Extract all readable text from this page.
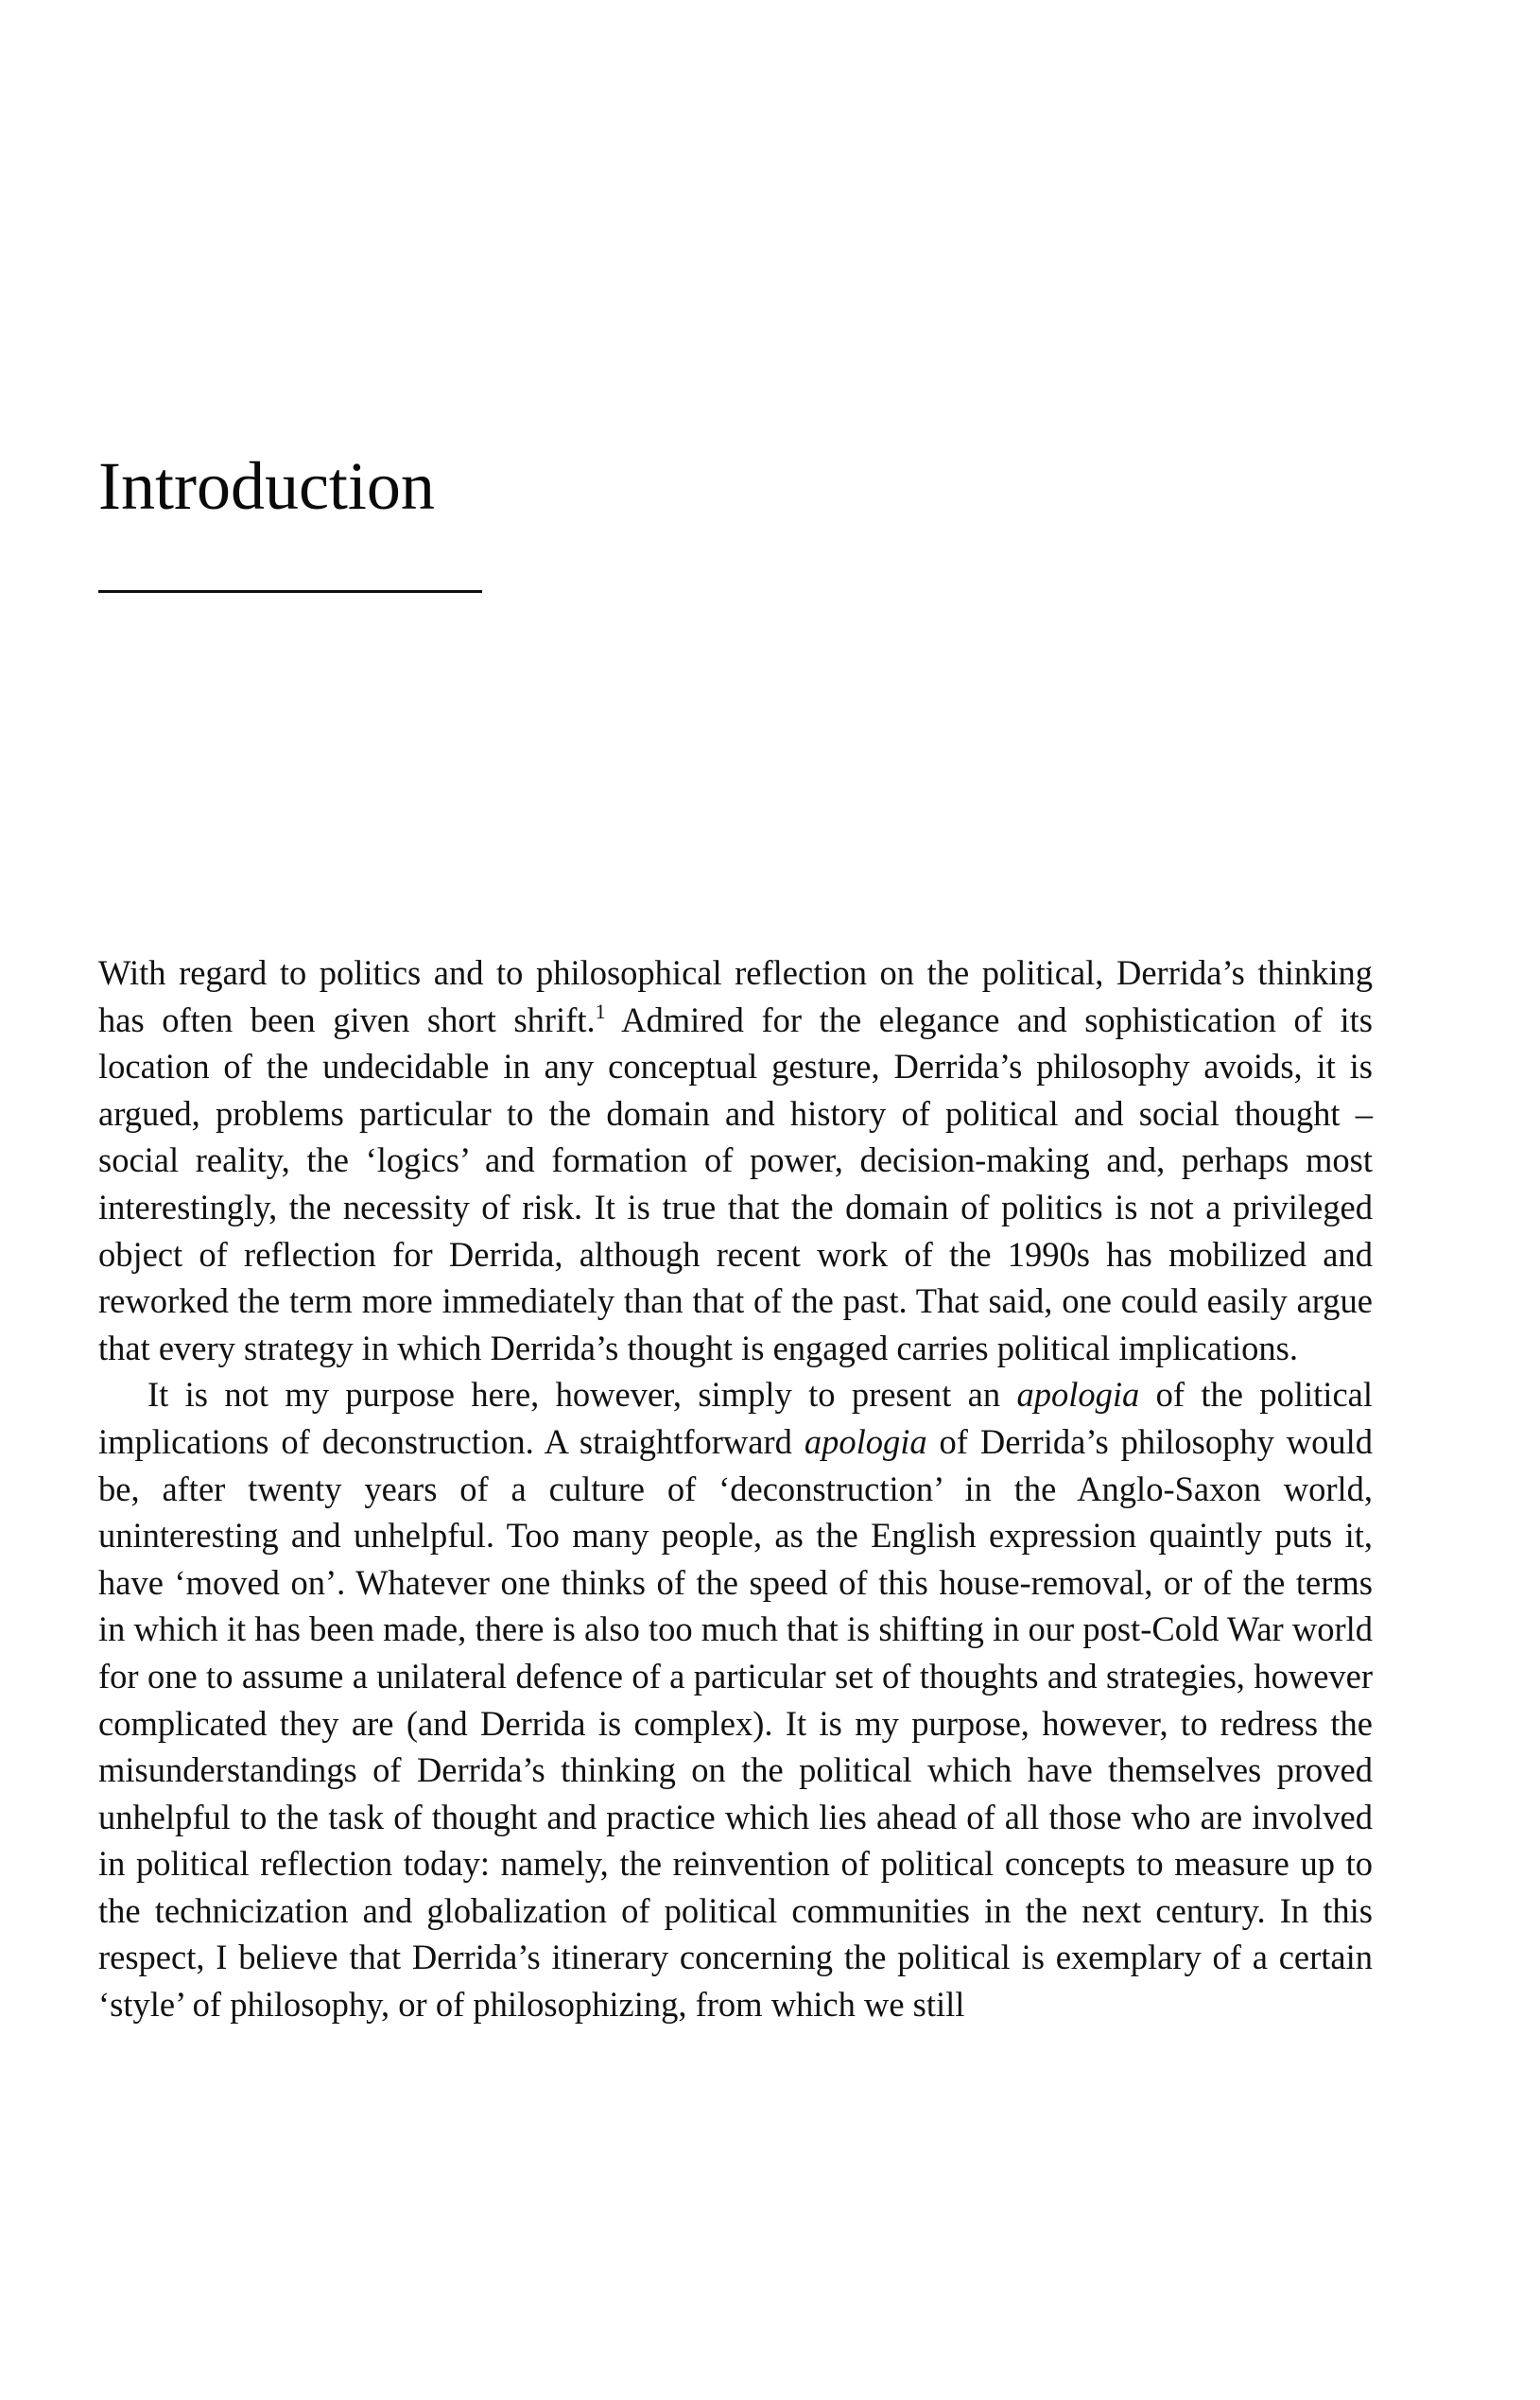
Introduction

With regard to politics and to philosophical reflection on the political, Derrida’s thinking has often been given short shrift.$^1$ Admired for the elegance and sophistication of its location of the undecidable in any conceptual gesture, Derrida’s philosophy avoids, it is argued, problems particular to the domain and history of political and social thought – social reality, the ‘logics’ and formation of power, decision-making and, perhaps most interestingly, the necessity of risk. It is true that the domain of politics is not a privileged object of reflection for Derrida, although recent work of the 1990s has mobilized and reworked the term more immediately than that of the past. That said, one could easily argue that every strategy in which Derrida’s thought is engaged carries political implications.

It is not my purpose here, however, simply to present an apologia of the political implications of deconstruction. A straightforward apologia of Derrida’s philosophy would be, after twenty years of a culture of ‘deconstruction’ in the Anglo-Saxon world, uninteresting and unhelpful. Too many people, as the English expression quaintly puts it, have ‘moved on’. Whatever one thinks of the speed of this house-removal, or of the terms in which it has been made, there is also too much that is shifting in our post-Cold War world for one to assume a unilateral defence of a particular set of thoughts and strategies, however complicated they are (and Derrida is complex). It is my purpose, however, to redress the misunderstandings of Derrida’s thinking on the political which have themselves proved unhelpful to the task of thought and practice which lies ahead of all those who are involved in political reflection today: namely, the reinvention of political concepts to measure up to the technicization and globalization of political communities in the next century. In this respect, I believe that Derrida’s itinerary concerning the political is exemplary of a certain ‘style’ of philosophy, or of philosophizing, from which we still
